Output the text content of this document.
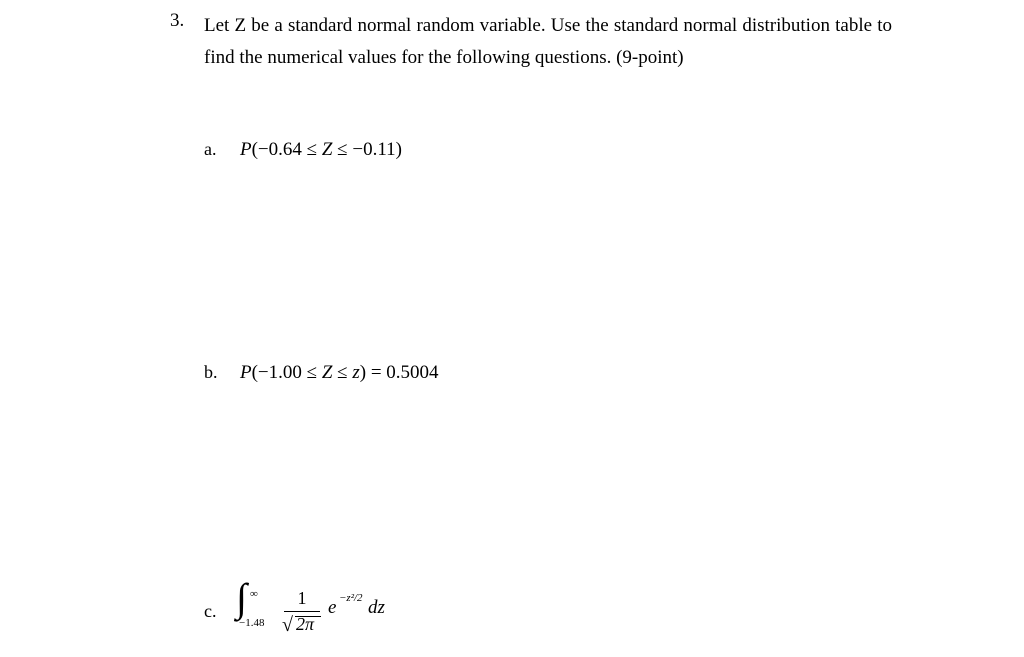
3. Let Z be a standard normal random variable. Use the standard normal distribution table to find the numerical values for the following questions. (9-point)
a. P(−0.64 ≤ Z ≤ −0.11)
b. P(−1.00 ≤ Z ≤ z) = 0.5004
c. ∫ ∞
−1.48
1
√ 2π
e −z²/2 dz
